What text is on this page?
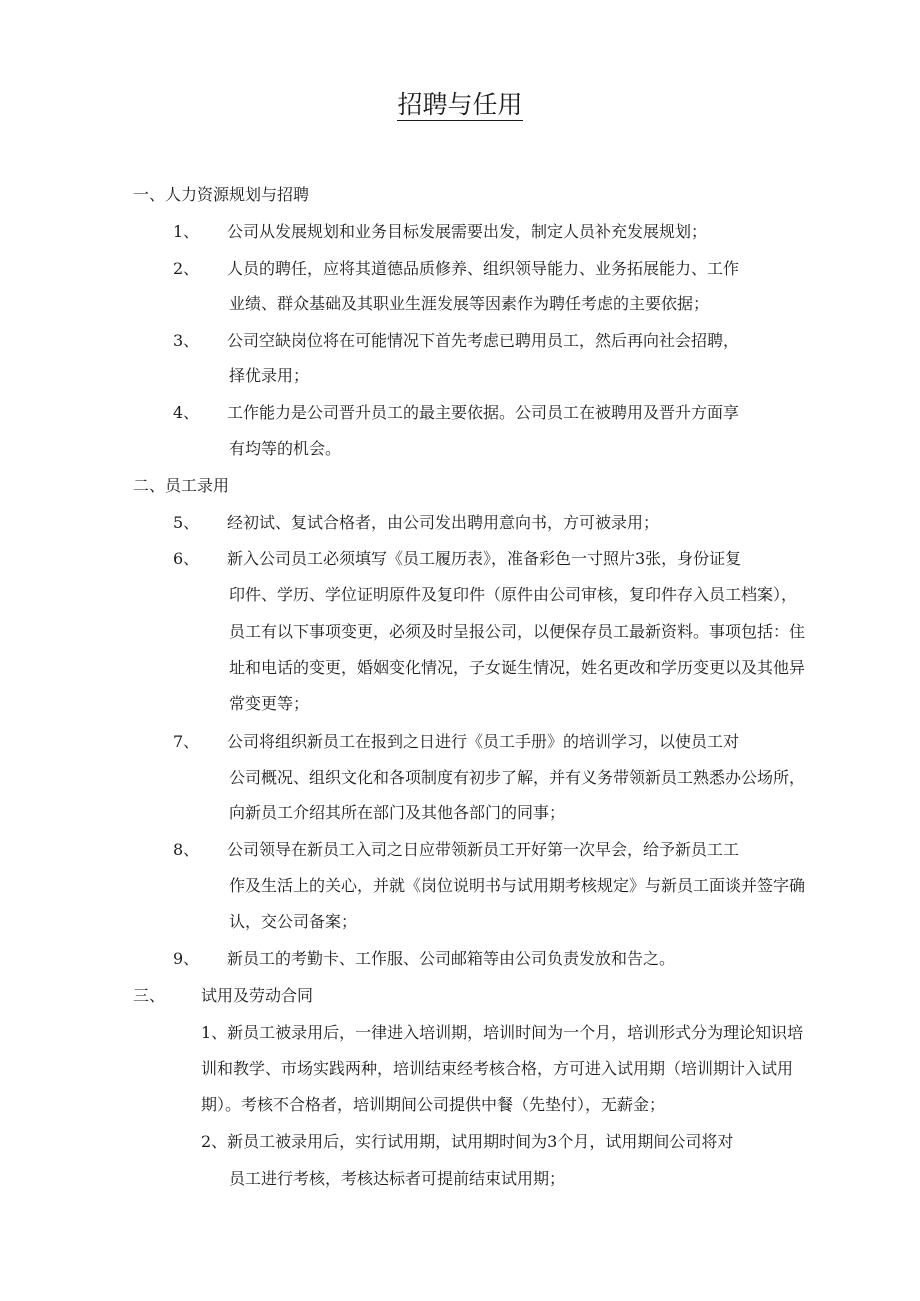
招聘与任用
一、人力资源规划与招聘
1、 公司从发展规划和业务目标发展需要出发，制定人员补充发展规划；
2、 人员的聘任，应将其道德品质修养、组织领导能力、业务拓展能力、工作
业绩、群众基础及其职业生涯发展等因素作为聘任考虑的主要依据；
3、 公司空缺岗位将在可能情况下首先考虑已聘用员工，然后再向社会招聘，
择优录用；
4、 工作能力是公司晋升员工的最主要依据。公司员工在被聘用及晋升方面享
有均等的机会。
二、员工录用
5、 经初试、复试合格者，由公司发出聘用意向书，方可被录用；
6、 新入公司员工必须填写《员工履历表》，准备彩色一寸照片3张，身份证复
印件、学历、学位证明原件及复印件（原件由公司审核，复印件存入员工档案），
员工有以下事项变更，必须及时呈报公司，以便保存员工最新资料。事项包括：住
址和电话的变更，婚姻变化情况，子女诞生情况，姓名更改和学历变更以及其他异
常变更等；
7、 公司将组织新员工在报到之日进行《员工手册》的培训学习，以使员工对
公司概况、组织文化和各项制度有初步了解，并有义务带领新员工熟悉办公场所，
向新员工介绍其所在部门及其他各部门的同事；
8、 公司领导在新员工入司之日应带领新员工开好第一次早会，给予新员工工
作及生活上的关心，并就《岗位说明书与试用期考核规定》与新员工面谈并签字确
认，交公司备案；
9、 新员工的考勤卡、工作服、公司邮箱等由公司负责发放和告之。
三、 试用及劳动合同
1、新员工被录用后，一律进入培训期，培训时间为一个月，培训形式分为理论知识培
训和教学、市场实践两种，培训结束经考核合格，方可进入试用期（培训期计入试用
期）。考核不合格者，培训期间公司提供中餐（先垫付），无薪金；
2、新员工被录用后，实行试用期，试用期时间为3个月，试用期间公司将对
员工进行考核，考核达标者可提前结束试用期；
